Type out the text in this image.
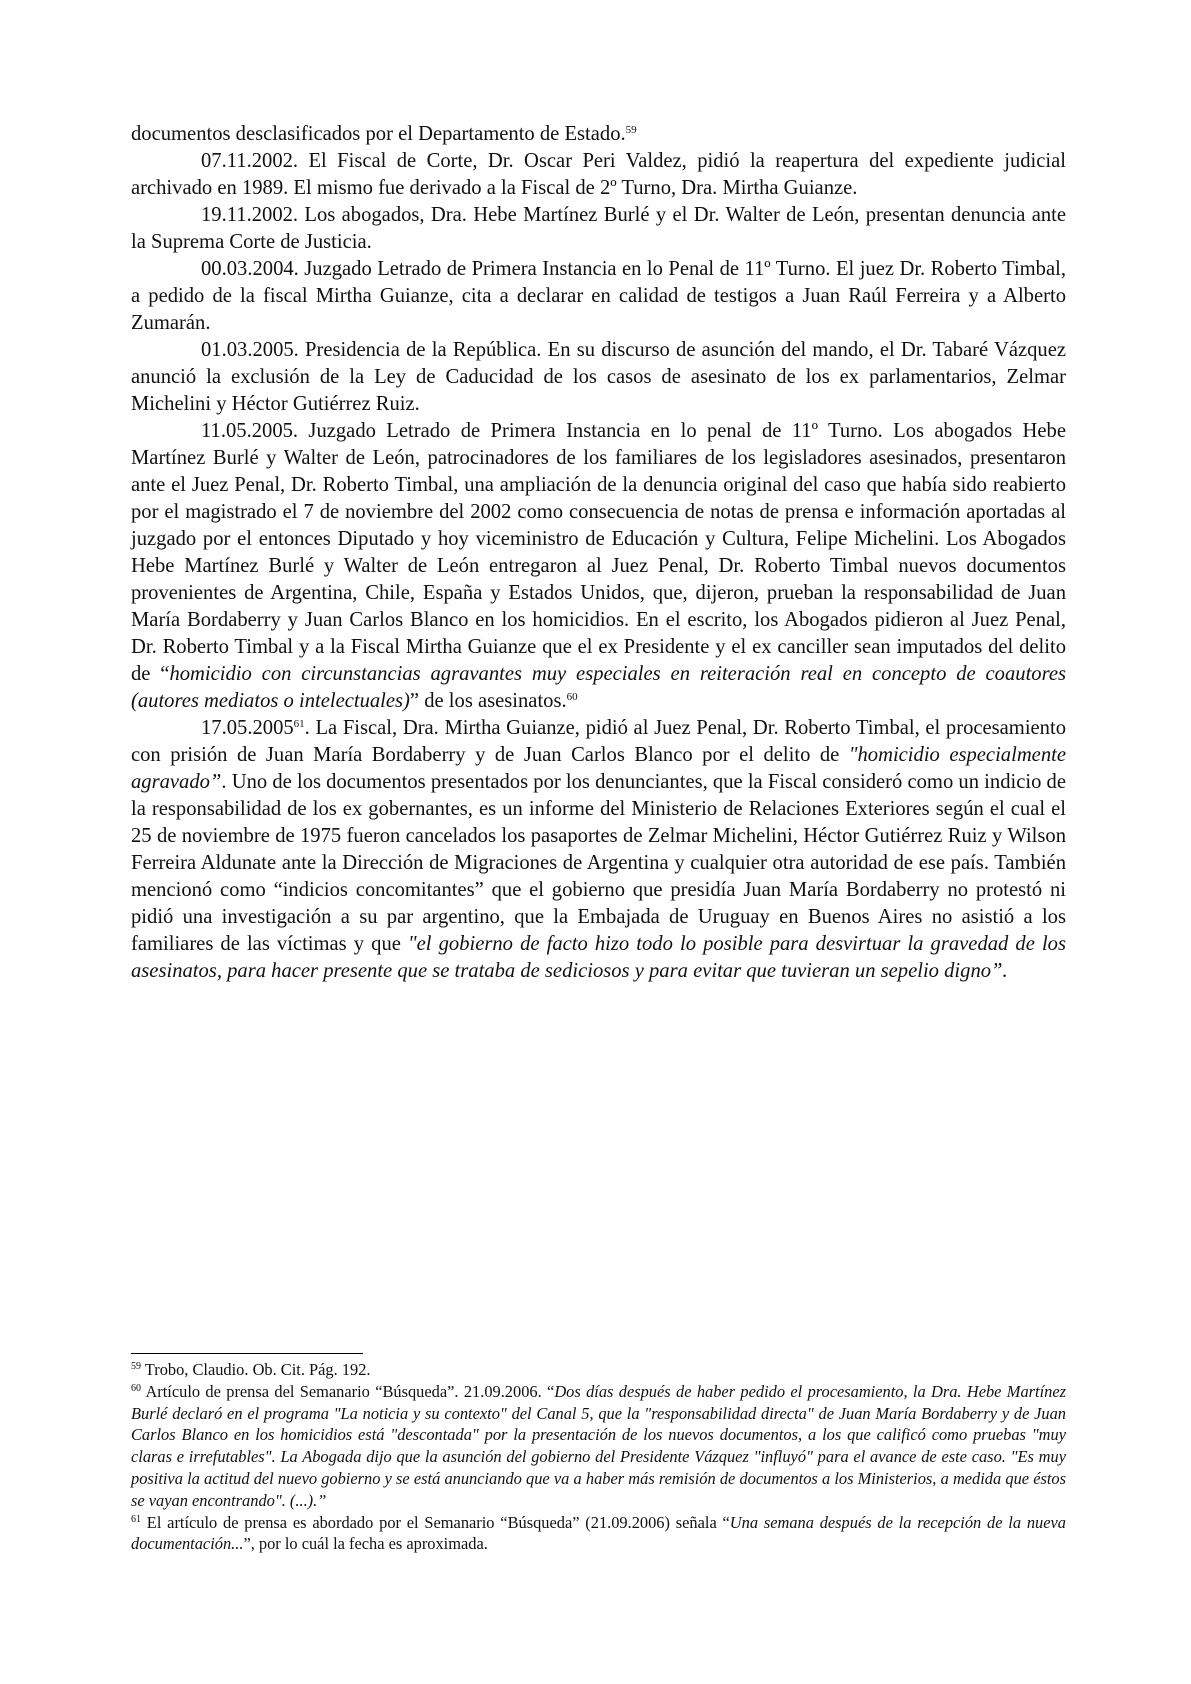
documentos desclasificados por el Departamento de Estado.$^{59}$

07.11.2002. El Fiscal de Corte, Dr. Oscar Peri Valdez, pidió la reapertura del expediente judicial archivado en 1989. El mismo fue derivado a la Fiscal de 2º Turno, Dra. Mirtha Guianze.

19.11.2002. Los abogados, Dra. Hebe Martínez Burlé y el Dr. Walter de León, presentan denuncia ante la Suprema Corte de Justicia.

00.03.2004. Juzgado Letrado de Primera Instancia en lo Penal de 11º Turno. El juez Dr. Roberto Timbal, a pedido de la fiscal Mirtha Guianze, cita a declarar en calidad de testigos a Juan Raúl Ferreira y a Alberto Zumarán.

01.03.2005. Presidencia de la República. En su discurso de asunción del mando, el Dr. Tabaré Vázquez anunció la exclusión de la Ley de Caducidad de los casos de asesinato de los ex parlamentarios, Zelmar Michelini y Héctor Gutiérrez Ruiz.

11.05.2005. Juzgado Letrado de Primera Instancia en lo penal de 11º Turno. Los abogados Hebe Martínez Burlé y Walter de León, patrocinadores de los familiares de los legisladores asesinados, presentaron ante el Juez Penal, Dr. Roberto Timbal, una ampliación de la denuncia original del caso que había sido reabierto por el magistrado el 7 de noviembre del 2002 como consecuencia de notas de prensa e información aportadas al juzgado por el entonces Diputado y hoy viceministro de Educación y Cultura, Felipe Michelini. Los Abogados Hebe Martínez Burlé y Walter de León entregaron al Juez Penal, Dr. Roberto Timbal nuevos documentos provenientes de Argentina, Chile, España y Estados Unidos, que, dijeron, prueban la responsabilidad de Juan María Bordaberry y Juan Carlos Blanco en los homicidios. En el escrito, los Abogados pidieron al Juez Penal, Dr. Roberto Timbal y a la Fiscal Mirtha Guianze que el ex Presidente y el ex canciller sean imputados del delito de “homicidio con circunstancias agravantes muy especiales en reiteración real en concepto de coautores (autores mediatos o intelectuales)” de los asesinatos.$^{60}$

17.05.2005$^{61}$. La Fiscal, Dra. Mirtha Guianze, pidió al Juez Penal, Dr. Roberto Timbal, el procesamiento con prisión de Juan María Bordaberry y de Juan Carlos Blanco por el delito de "homicidio especialmente agravado”. Uno de los documentos presentados por los denunciantes, que la Fiscal consideró como un indicio de la responsabilidad de los ex gobernantes, es un informe del Ministerio de Relaciones Exteriores según el cual el 25 de noviembre de 1975 fueron cancelados los pasaportes de Zelmar Michelini, Héctor Gutiérrez Ruiz y Wilson Ferreira Aldunate ante la Dirección de Migraciones de Argentina y cualquier otra autoridad de ese país. También mencionó como “indicios concomitantes” que el gobierno que presidía Juan María Bordaberry no protestó ni pidió una investigación a su par argentino, que la Embajada de Uruguay en Buenos Aires no asistió a los familiares de las víctimas y que "el gobierno de facto hizo todo lo posible para desvirtuar la gravedad de los asesinatos, para hacer presente que se trataba de sediciosos y para evitar que tuvieran un sepelio digno”.

$^{59}$ Trobo, Claudio. Ob. Cit. Pág. 192.

$^{60}$ Artículo de prensa del Semanario “Búsqueda”. 21.09.2006. “Dos días después de haber pedido el procesamiento, la Dra. Hebe Martínez Burlé declaró en el programa "La noticia y su contexto" del Canal 5, que la "responsabilidad directa" de Juan María Bordaberry y de Juan Carlos Blanco en los homicidios está "descontada" por la presentación de los nuevos documentos, a los que calificó como pruebas "muy claras e irrefutables". La Abogada dijo que la asunción del gobierno del Presidente Vázquez "influyó" para el avance de este caso. "Es muy positiva la actitud del nuevo gobierno y se está anunciando que va a haber más remisión de documentos a los Ministerios, a medida que éstos se vayan encontrando". (...).”

$^{61}$ El artículo de prensa es abordado por el Semanario “Búsqueda” (21.09.2006) señala “Una semana después de la recepción de la nueva documentación...”, por lo cuál la fecha es aproximada.
